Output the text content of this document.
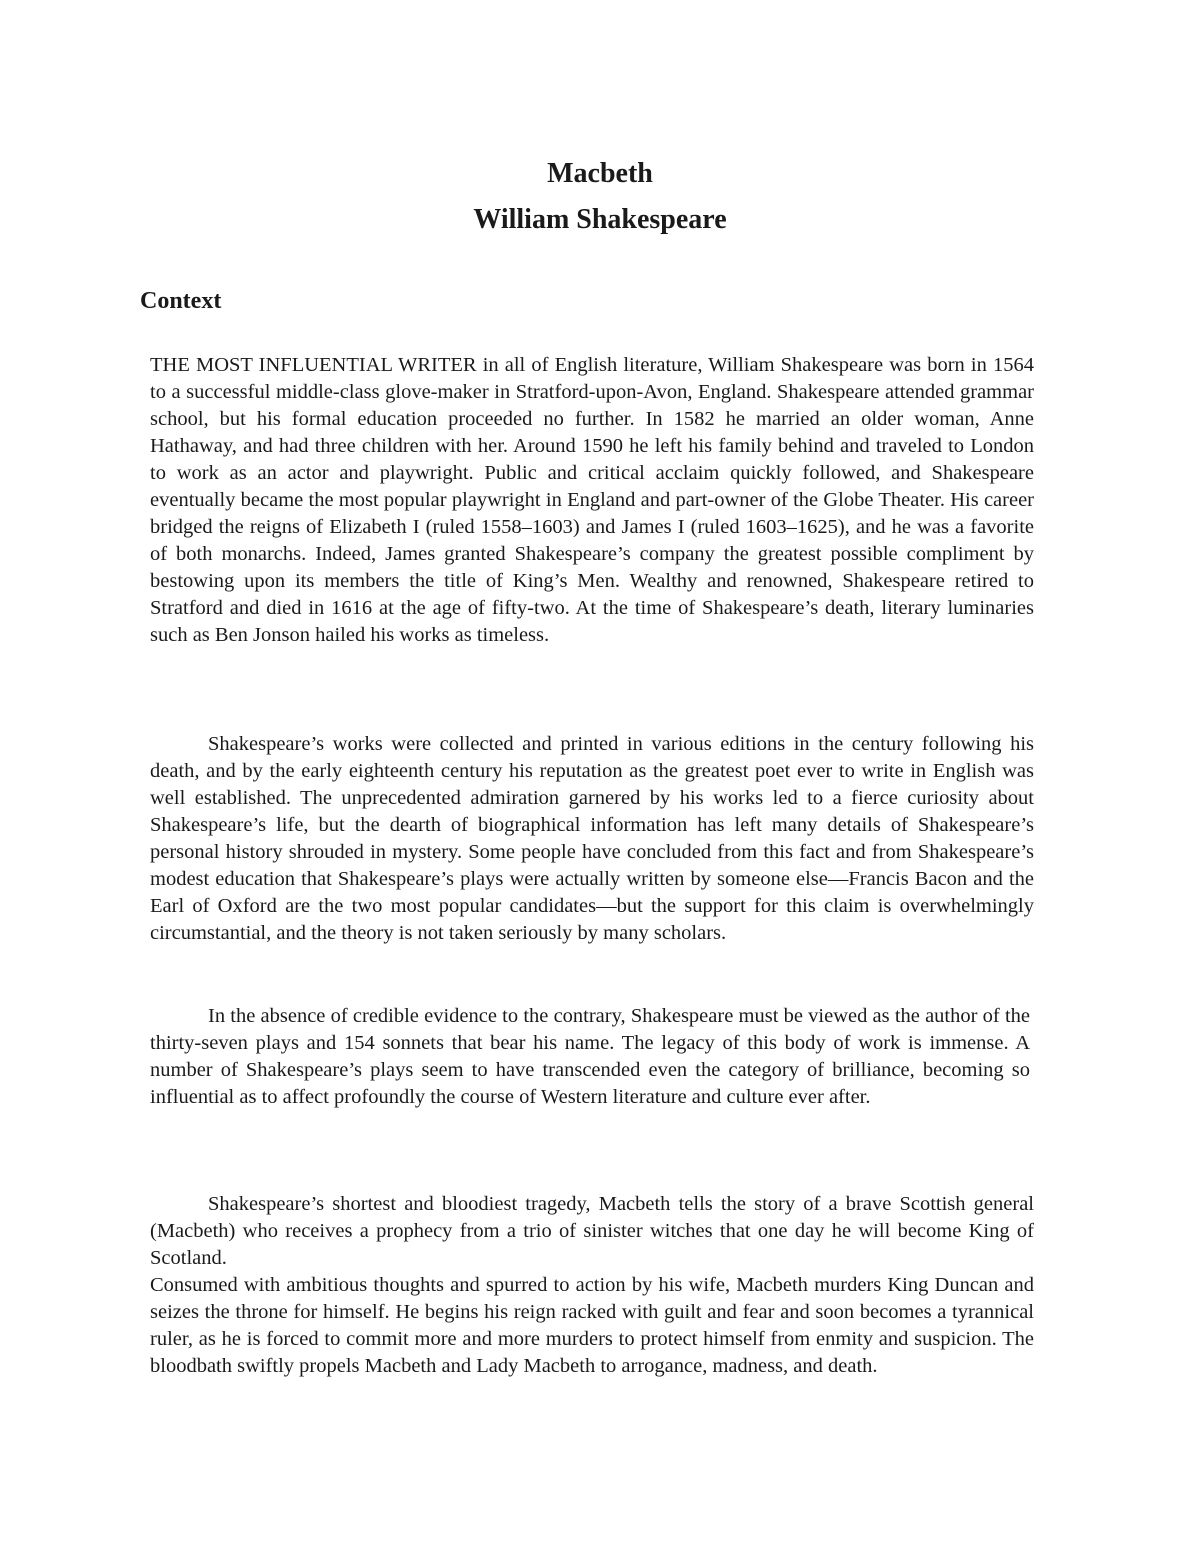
Macbeth
William Shakespeare
Context

THE MOST INFLUENTIAL WRITER in all of English literature, William Shakespeare was born in 1564 to a successful middle-class glove-maker in Stratford-upon-Avon, England. Shakespeare attended grammar school, but his formal education proceeded no further. In 1582 he married an older woman, Anne Hathaway, and had three children with her. Around 1590 he left his family behind and traveled to London to work as an actor and playwright. Public and critical acclaim quickly followed, and Shakespeare eventually became the most popular playwright in England and part-owner of the Globe Theater. His career bridged the reigns of Elizabeth I (ruled 1558–1603) and James I (ruled 1603–1625), and he was a favorite of both monarchs. Indeed, James granted Shakespeare’s company the greatest possible compliment by bestowing upon its members the title of King’s Men. Wealthy and renowned, Shakespeare retired to Stratford and died in 1616 at the age of fifty-two. At the time of Shakespeare’s death, literary luminaries such as Ben Jonson hailed his works as timeless.

Shakespeare’s works were collected and printed in various editions in the century following his death, and by the early eighteenth century his reputation as the greatest poet ever to write in English was well established. The unprecedented admiration garnered by his works led to a fierce curiosity about Shakespeare’s life, but the dearth of biographical information has left many details of Shakespeare’s personal history shrouded in mystery. Some people have concluded from this fact and from Shakespeare’s modest education that Shakespeare’s plays were actually written by someone else—Francis Bacon and the Earl of Oxford are the two most popular candidates—but the support for this claim is overwhelmingly circumstantial, and the theory is not taken seriously by many scholars.

In the absence of credible evidence to the contrary, Shakespeare must be viewed as the author of the thirty-seven plays and 154 sonnets that bear his name. The legacy of this body of work is immense. A number of Shakespeare’s plays seem to have transcended even the category of brilliance, becoming so influential as to affect profoundly the course of Western literature and culture ever after.

Shakespeare’s shortest and bloodiest tragedy, Macbeth tells the story of a brave Scottish general (Macbeth) who receives a prophecy from a trio of sinister witches that one day he will become King of Scotland.

Consumed with ambitious thoughts and spurred to action by his wife, Macbeth murders King Duncan and seizes the throne for himself. He begins his reign racked with guilt and fear and soon becomes a tyrannical ruler, as he is forced to commit more and more murders to protect himself from enmity and suspicion. The bloodbath swiftly propels Macbeth and Lady Macbeth to arrogance, madness, and death.
